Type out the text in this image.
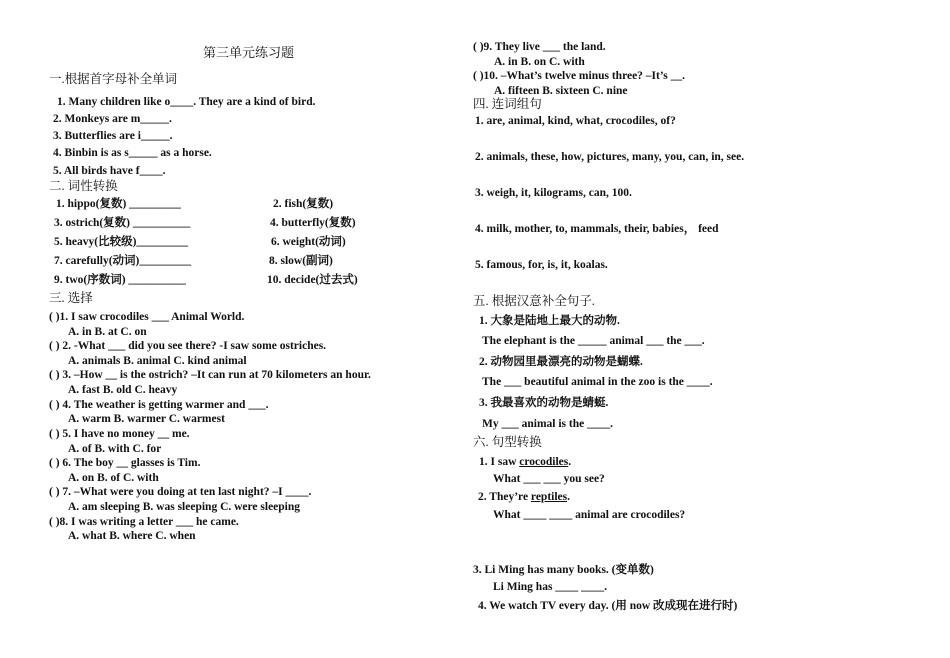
第三单元练习题
一.根据首字母补全单词
1. Many children like o____. They are a kind of bird.
2. Monkeys are m_____.
3. Butterflies are i_____.
4. Binbin is as s_____ as a horse.
5. All birds have f____.
二. 词性转换
1. hippo(复数) _________	2. fish(复数)
3. ostrich(复数) __________	4. butterfly(复数)
5. heavy(比较级)_________	6. weight(动词)
7. carefully(动词)_________	8. slow(副词)
9. two(序数词) __________	10. decide(过去式)
三. 选择
( )1. I saw crocodiles ___ Animal World.
A. in B. at C. on
( ) 2. -What ___ did you see there? -I saw some ostriches.
A. animals B. animal C. kind animal
( ) 3. –How __ is the ostrich? –It can run at 70 kilometers an hour.
A. fast B. old C. heavy
( ) 4. The weather is getting warmer and ___.
A. warm B. warmer C. warmest
( ) 5. I have no money __ me.
A. of B. with C. for
( ) 6. The boy __ glasses is Tim.
A. on B. of C. with
( ) 7. –What were you doing at ten last night? –I ____.
A. am sleeping B. was sleeping C. were sleeping
( )8. I was writing a letter ___ he came.
A. what B. where C. when
( )9. They live ___ the land.
A. in B. on C. with
( )10. –What’s twelve minus three? –It’s __.
A. fifteen B. sixteen C. nine
四. 连词组句
1. are, animal, kind, what, crocodiles, of?
2. animals, these, how, pictures, many, you, can, in, see.
3. weigh, it, kilograms, can, 100.
4. milk, mother, to, mammals, their, babies， feed
5. famous, for, is, it, koalas.
五. 根据汉意补全句子.
1. 大象是陆地上最大的动物.
The elephant is the _____ animal ___ the ___.
2. 动物园里最漂亮的动物是蝴蝶.
The ___ beautiful animal in the zoo is the ____.
3. 我最喜欢的动物是蜻蜓.
My ___ animal is the ____.
六. 句型转换
1. I saw crocodiles.
What ___ ___ you see?
2. They’re reptiles.
What ____ ____ animal are crocodiles?
3. Li Ming has many books. (变单数)
Li Ming has ____ ____.
4. We watch TV every day. (用 now 改成现在进行时)
